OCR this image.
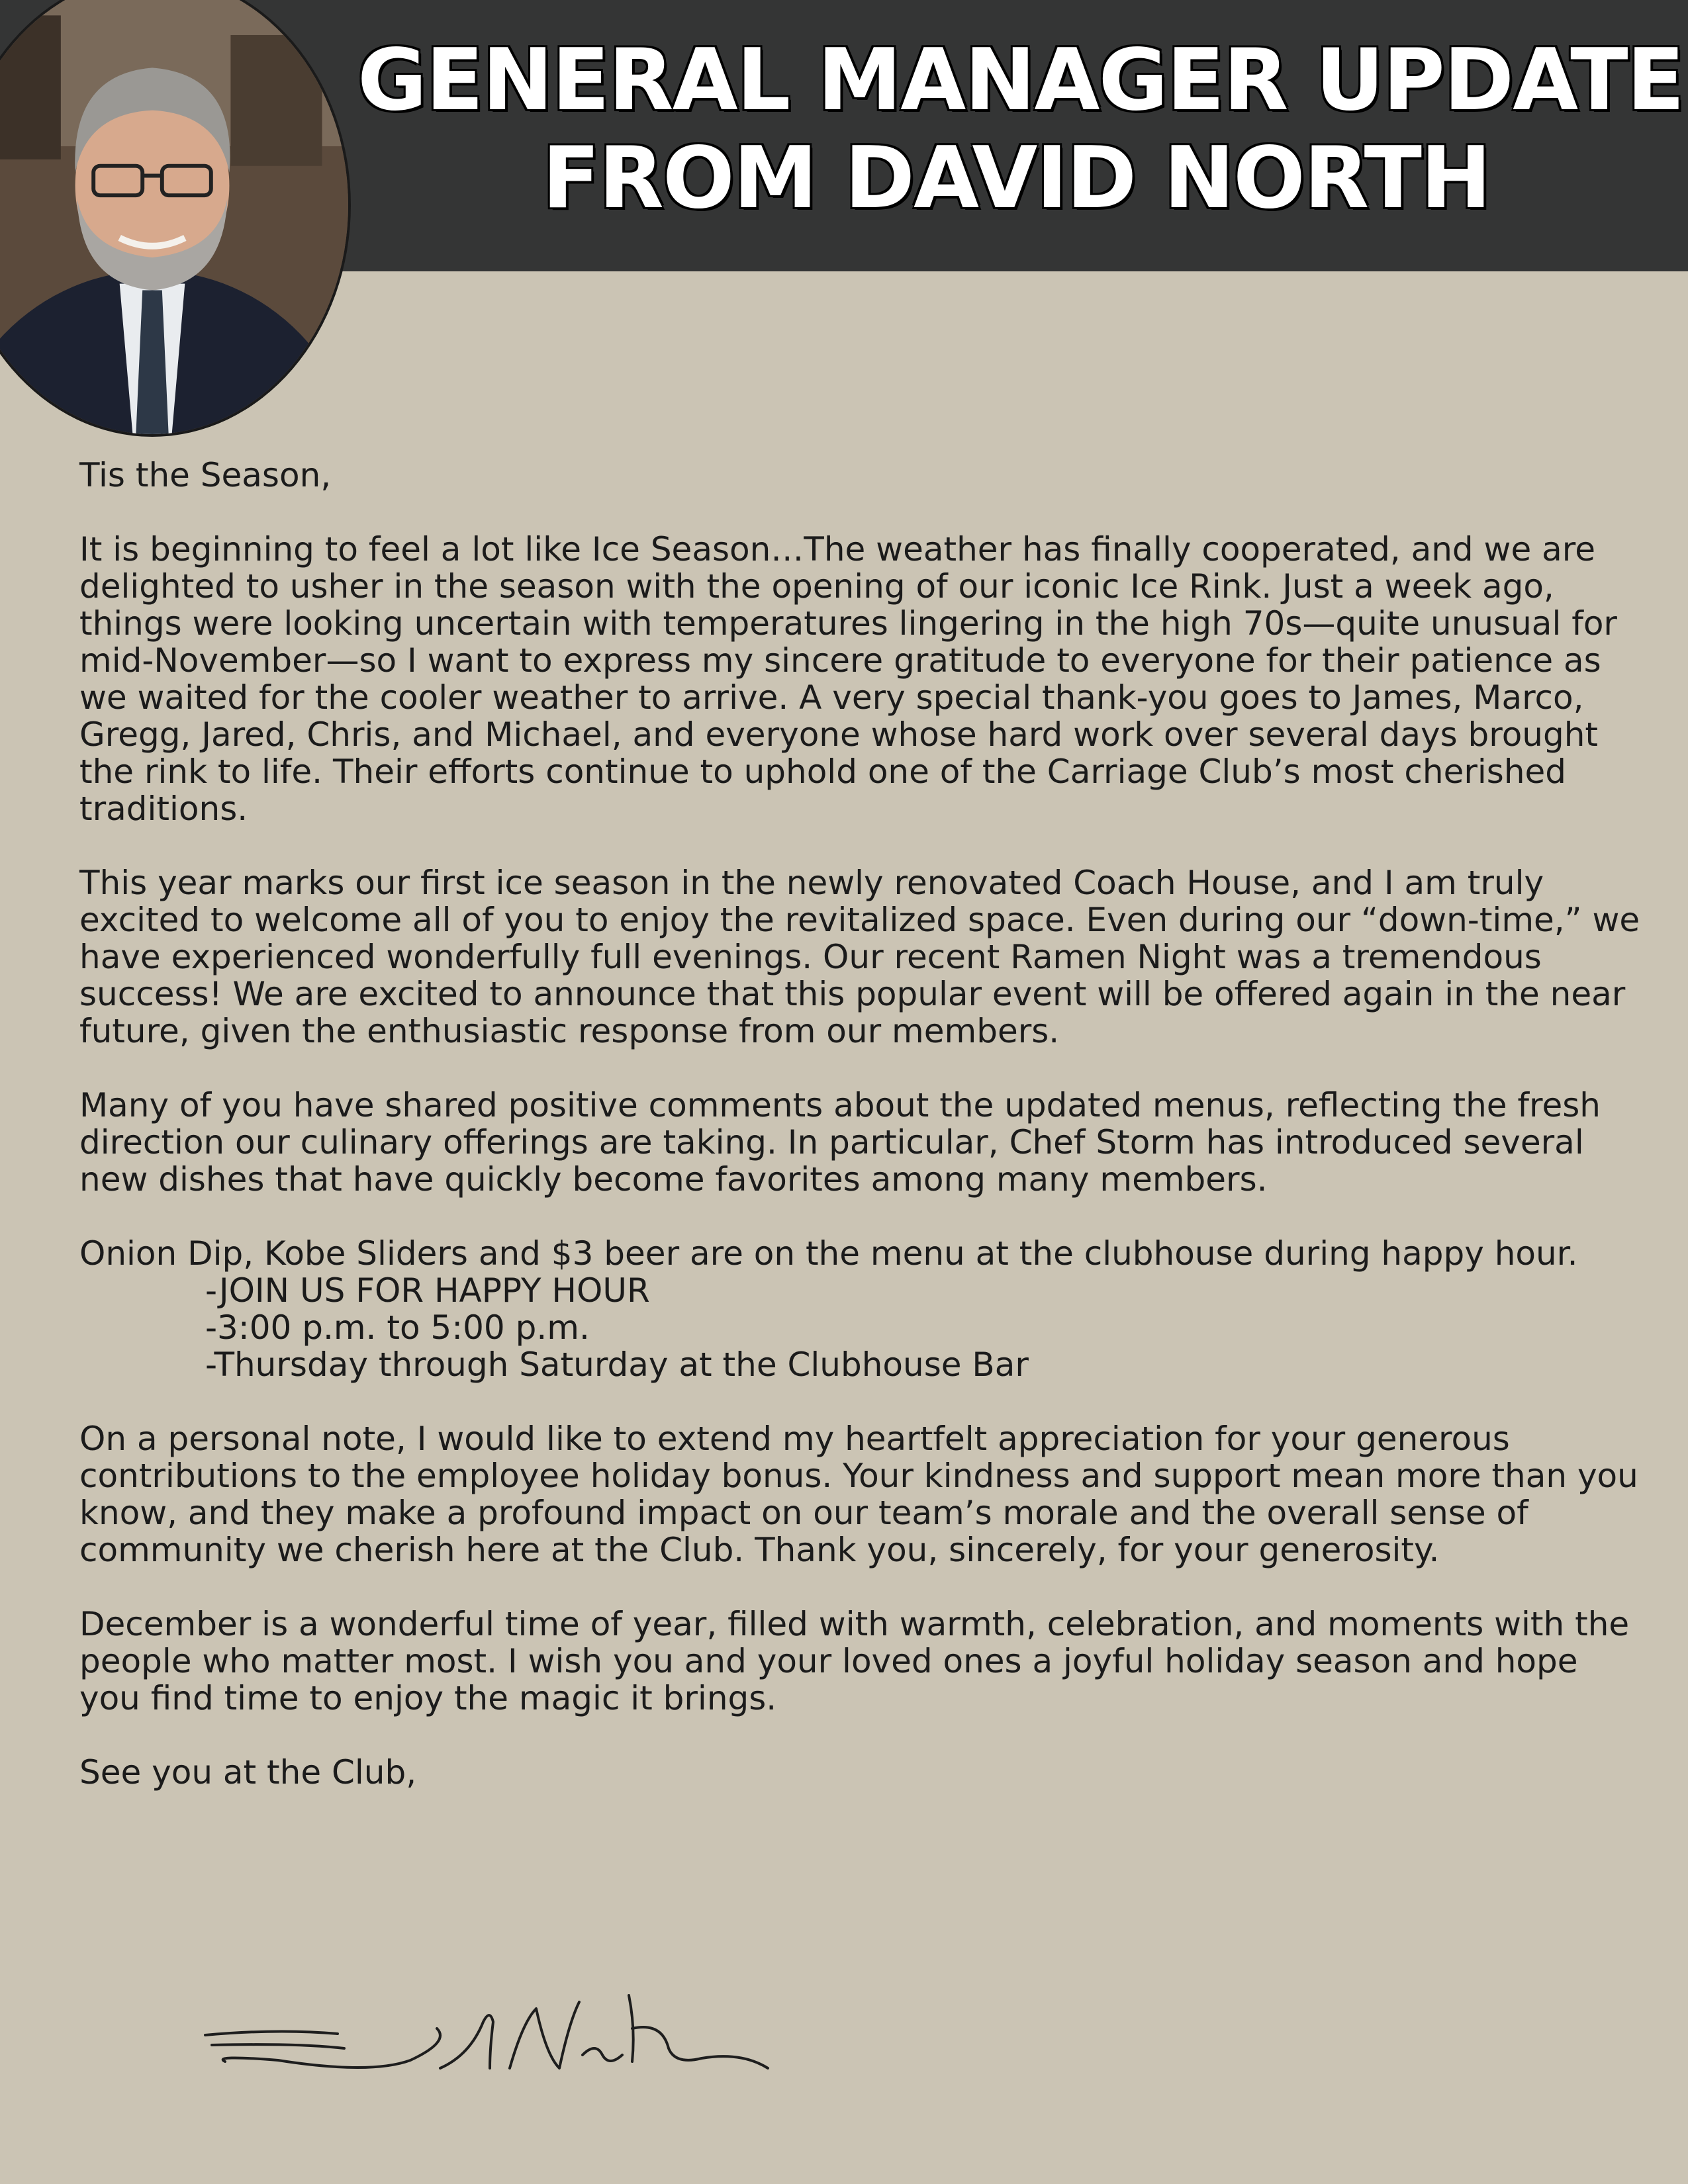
GENERAL MANAGER UPDATE
FROM DAVID NORTH

Tis the Season,

It is beginning to feel a lot like Ice Season…The weather has finally cooperated, and we are delighted to usher in the season with the opening of our iconic Ice Rink. Just a week ago, things were looking uncertain with temperatures lingering in the high 70s—quite unusual for mid-November—so I want to express my sincere gratitude to everyone for their patience as we waited for the cooler weather to arrive. A very special thank-you goes to James, Marco, Gregg, Jared, Chris, and Michael, and everyone whose hard work over several days brought the rink to life. Their efforts continue to uphold one of the Carriage Club’s most cherished traditions.

This year marks our first ice season in the newly renovated Coach House, and I am truly excited to welcome all of you to enjoy the revitalized space. Even during our “down-time,” we have experienced wonderfully full evenings. Our recent Ramen Night was a tremendous success! We are excited to announce that this popular event will be offered again in the near future, given the enthusiastic response from our members.

Many of you have shared positive comments about the updated menus, reflecting the fresh direction our culinary offerings are taking. In particular, Chef Storm has introduced several new dishes that have quickly become favorites among many members.

Onion Dip, Kobe Sliders and $3 beer are on the menu at the clubhouse during happy hour.

-JOIN US FOR HAPPY HOUR
-3:00 p.m. to 5:00 p.m.
-Thursday through Saturday at the Clubhouse Bar

On a personal note, I would like to extend my heartfelt appreciation for your generous contributions to the employee holiday bonus. Your kindness and support mean more than you know, and they make a profound impact on our team’s morale and the overall sense of community we cherish here at the Club. Thank you, sincerely, for your generosity.

December is a wonderful time of year, filled with warmth, celebration, and moments with the people who matter most. I wish you and your loved ones a joyful holiday season and hope you find time to enjoy the magic it brings.

See you at the Club,
